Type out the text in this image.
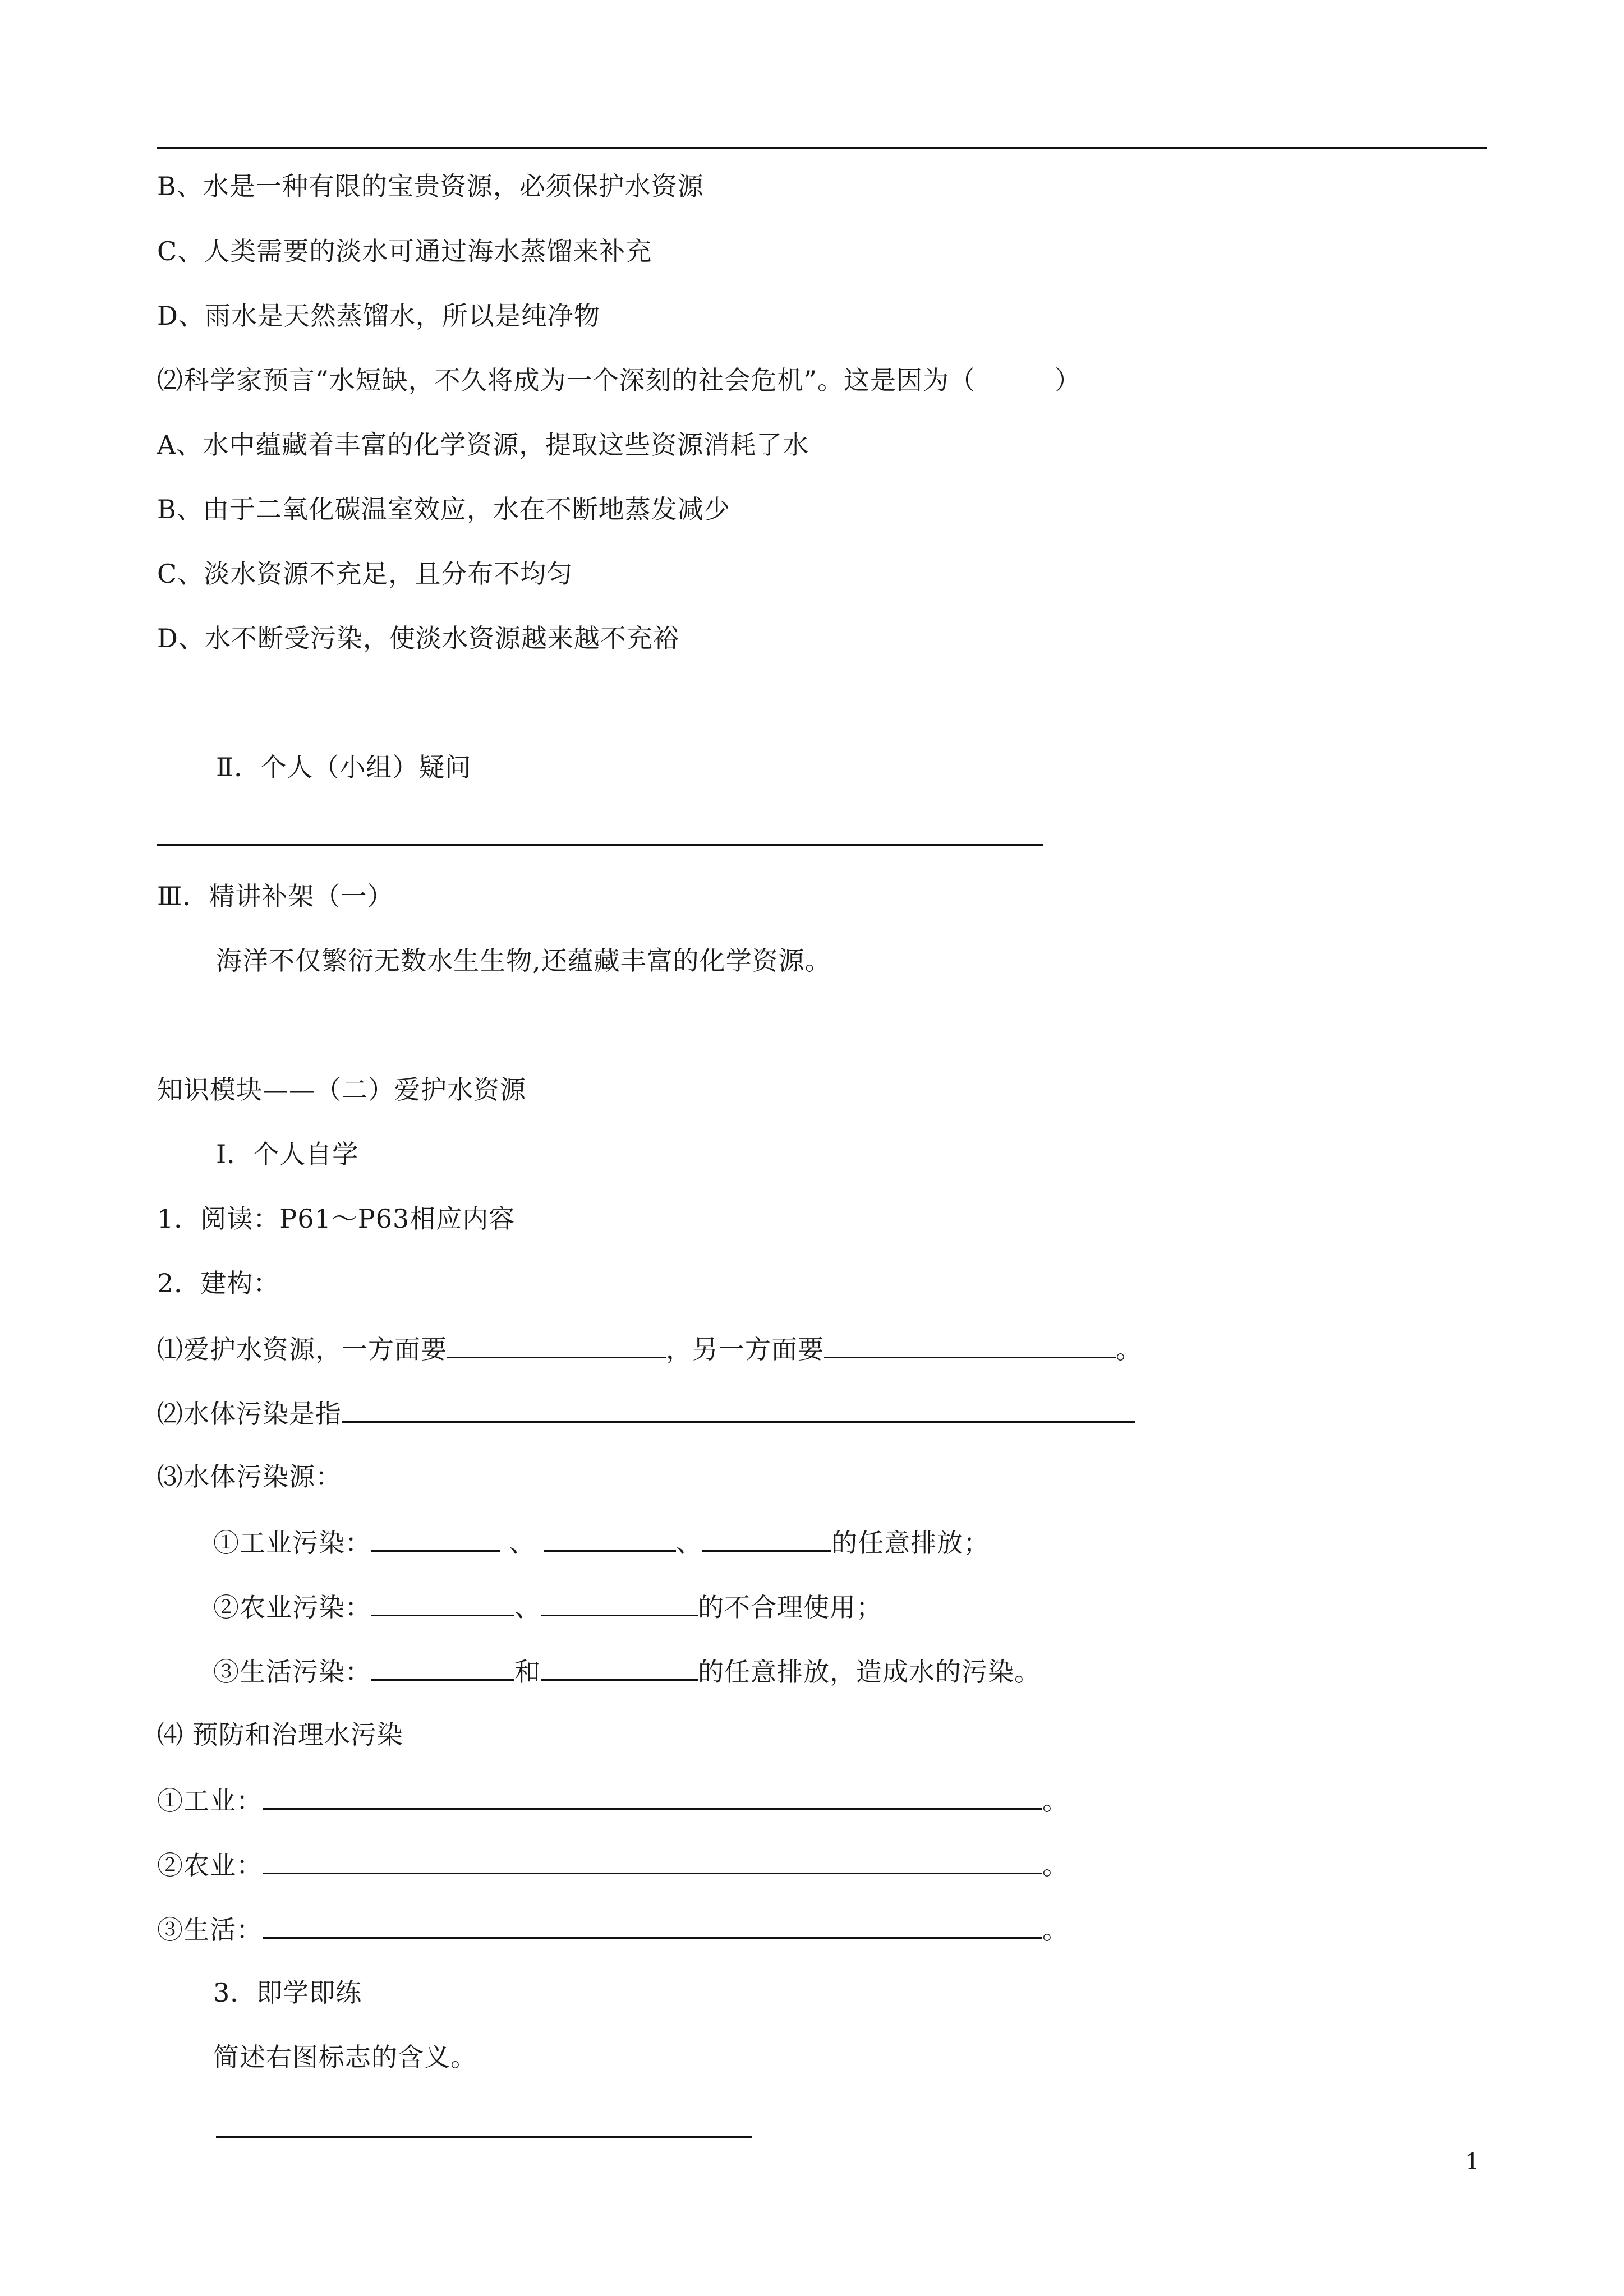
B、水是一种有限的宝贵资源，必须保护水资源
C、人类需要的淡水可通过海水蒸馏来补充
D、雨水是天然蒸馏水，所以是纯净物
⑵科学家预言“水短缺，不久将成为一个深刻的社会危机”。这是因为（　　　）
A、水中蕴藏着丰富的化学资源，提取这些资源消耗了水
B、由于二氧化碳温室效应，水在不断地蒸发减少
C、淡水资源不充足，且分布不均匀
D、水不断受污染，使淡水资源越来越不充裕
Ⅱ．个人（小组）疑问
Ⅲ．精讲补架（一）
海洋不仅繁衍无数水生生物,还蕴藏丰富的化学资源。
知识模块——（二）爱护水资源
Ⅰ．个人自学
1．阅读：P61～P63相应内容
2．建构：
⑴爱护水资源，一方面要	，另一方面要	。
⑵水体污染是指
⑶水体污染源：
①工业污染：	、	、	的任意排放；
②农业污染：	、	的不合理使用；
③生活污染：	和	的任意排放，造成水的污染。
⑷ 预防和治理水污染
①工业：	。
②农业：	。
③生活：	。
3．即学即练
简述右图标志的含义。
1
